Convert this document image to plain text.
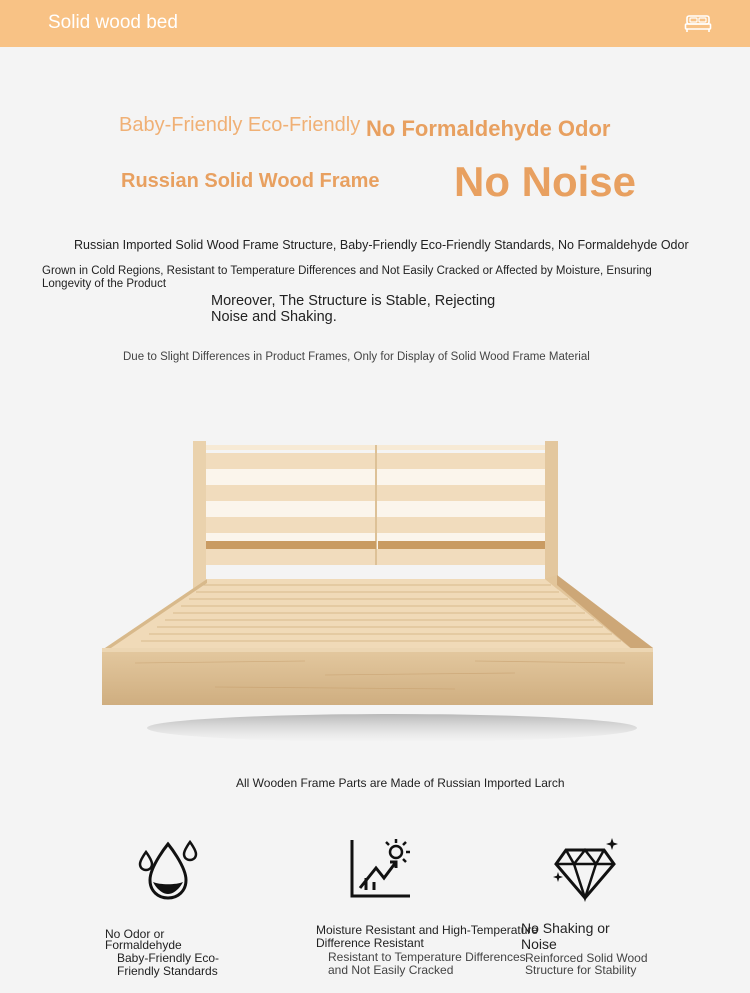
Solid wood bed
Baby-Friendly Eco-Friendly No Formaldehyde Odor
Russian Solid Wood Frame No Noise
Russian Imported Solid Wood Frame Structure, Baby-Friendly Eco-Friendly Standards, No Formaldehyde Odor
Grown in Cold Regions, Resistant to Temperature Differences and Not Easily Cracked or Affected by Moisture, Ensuring Longevity of the Product
Moreover, The Structure is Stable, Rejecting Noise and Shaking.
Due to Slight Differences in Product Frames, Only for Display of Solid Wood Frame Material
All Wooden Frame Parts are Made of Russian Imported Larch
No Odor or Formaldehyde
Baby-Friendly Eco-Friendly Standards
Moisture Resistant and High-Temperature Difference Resistant
Resistant to Temperature Differences and Not Easily Cracked
No Shaking or Noise
Reinforced Solid Wood Structure for Stability
